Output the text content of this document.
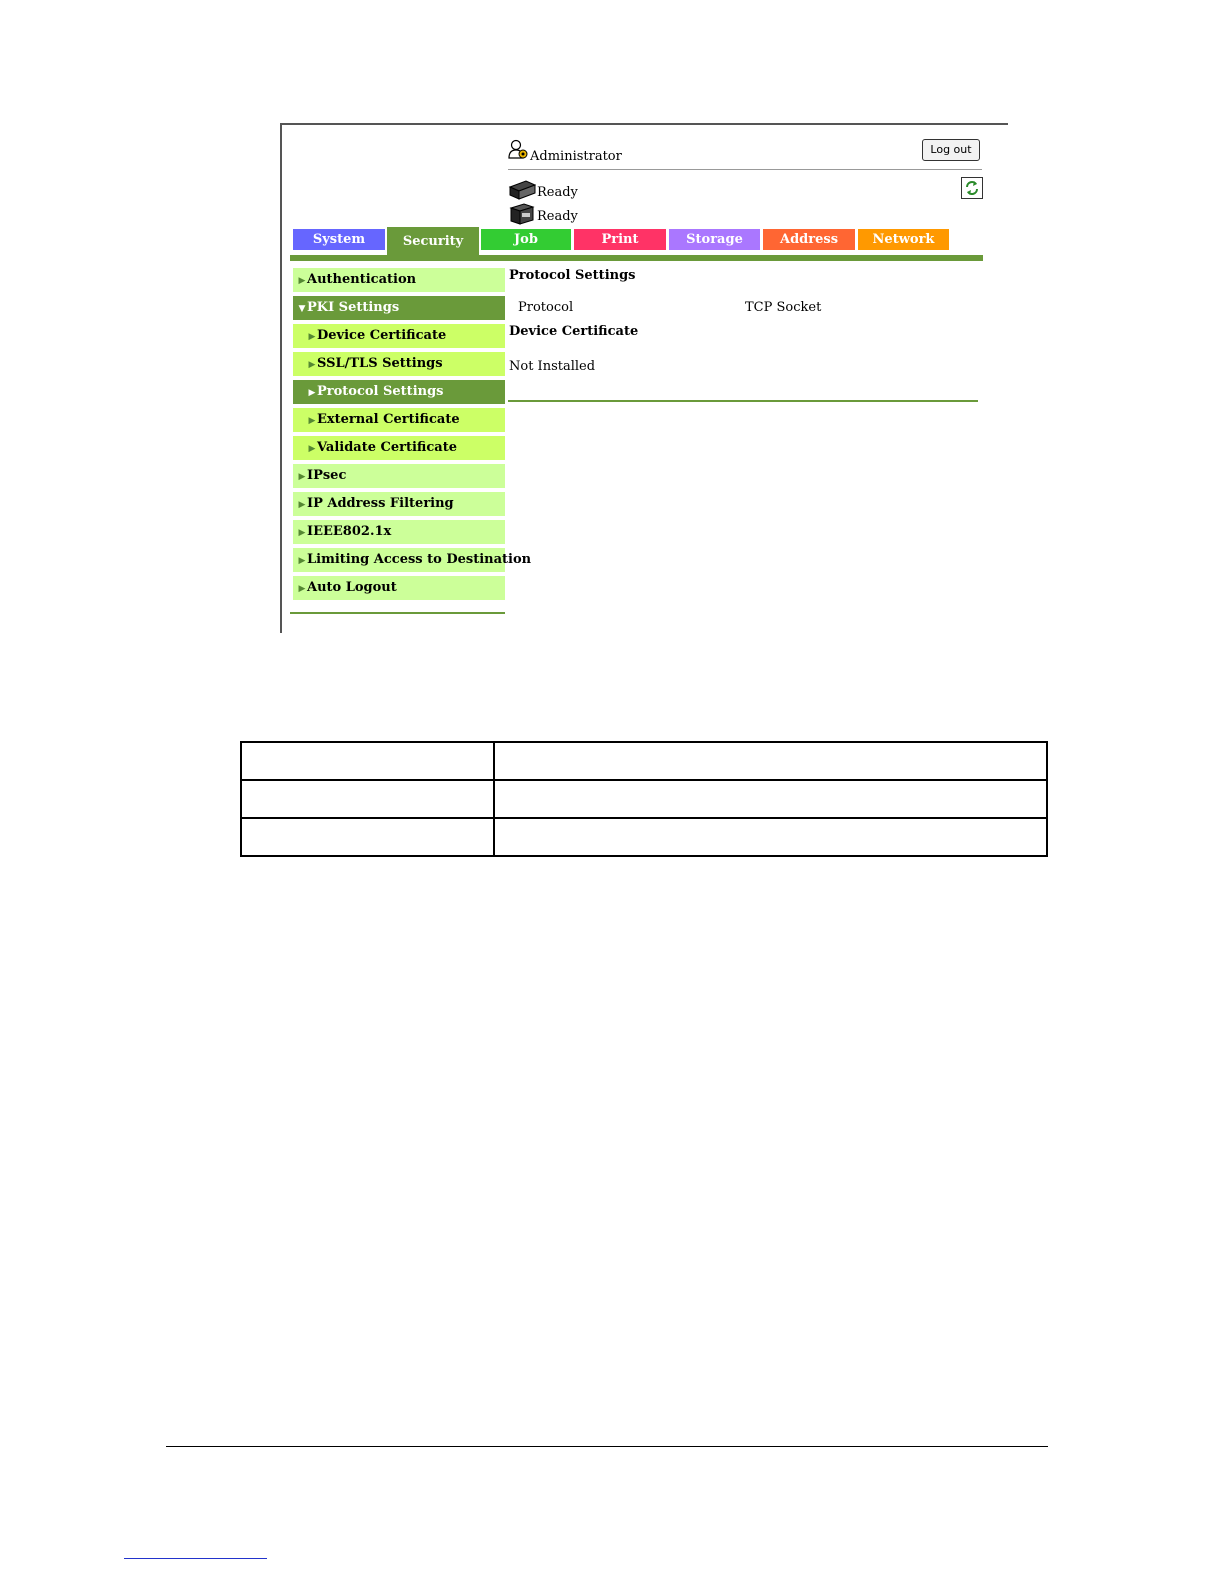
Administrator	Log out
Ready
Ready
System	Security	Job	Print	Storage	Address	Network
▶ Authentication
▼ PKI Settings
▶ Device Certificate
▶ SSL/TLS Settings
▶ Protocol Settings
▶ External Certificate
▶ Validate Certificate
▶ IPsec
▶ IP Address Filtering
▶ IEEE802.1x
▶ Limiting Access to Destination
▶ Auto Logout
Protocol Settings
Protocol	TCP Socket
Device Certificate
Not Installed
